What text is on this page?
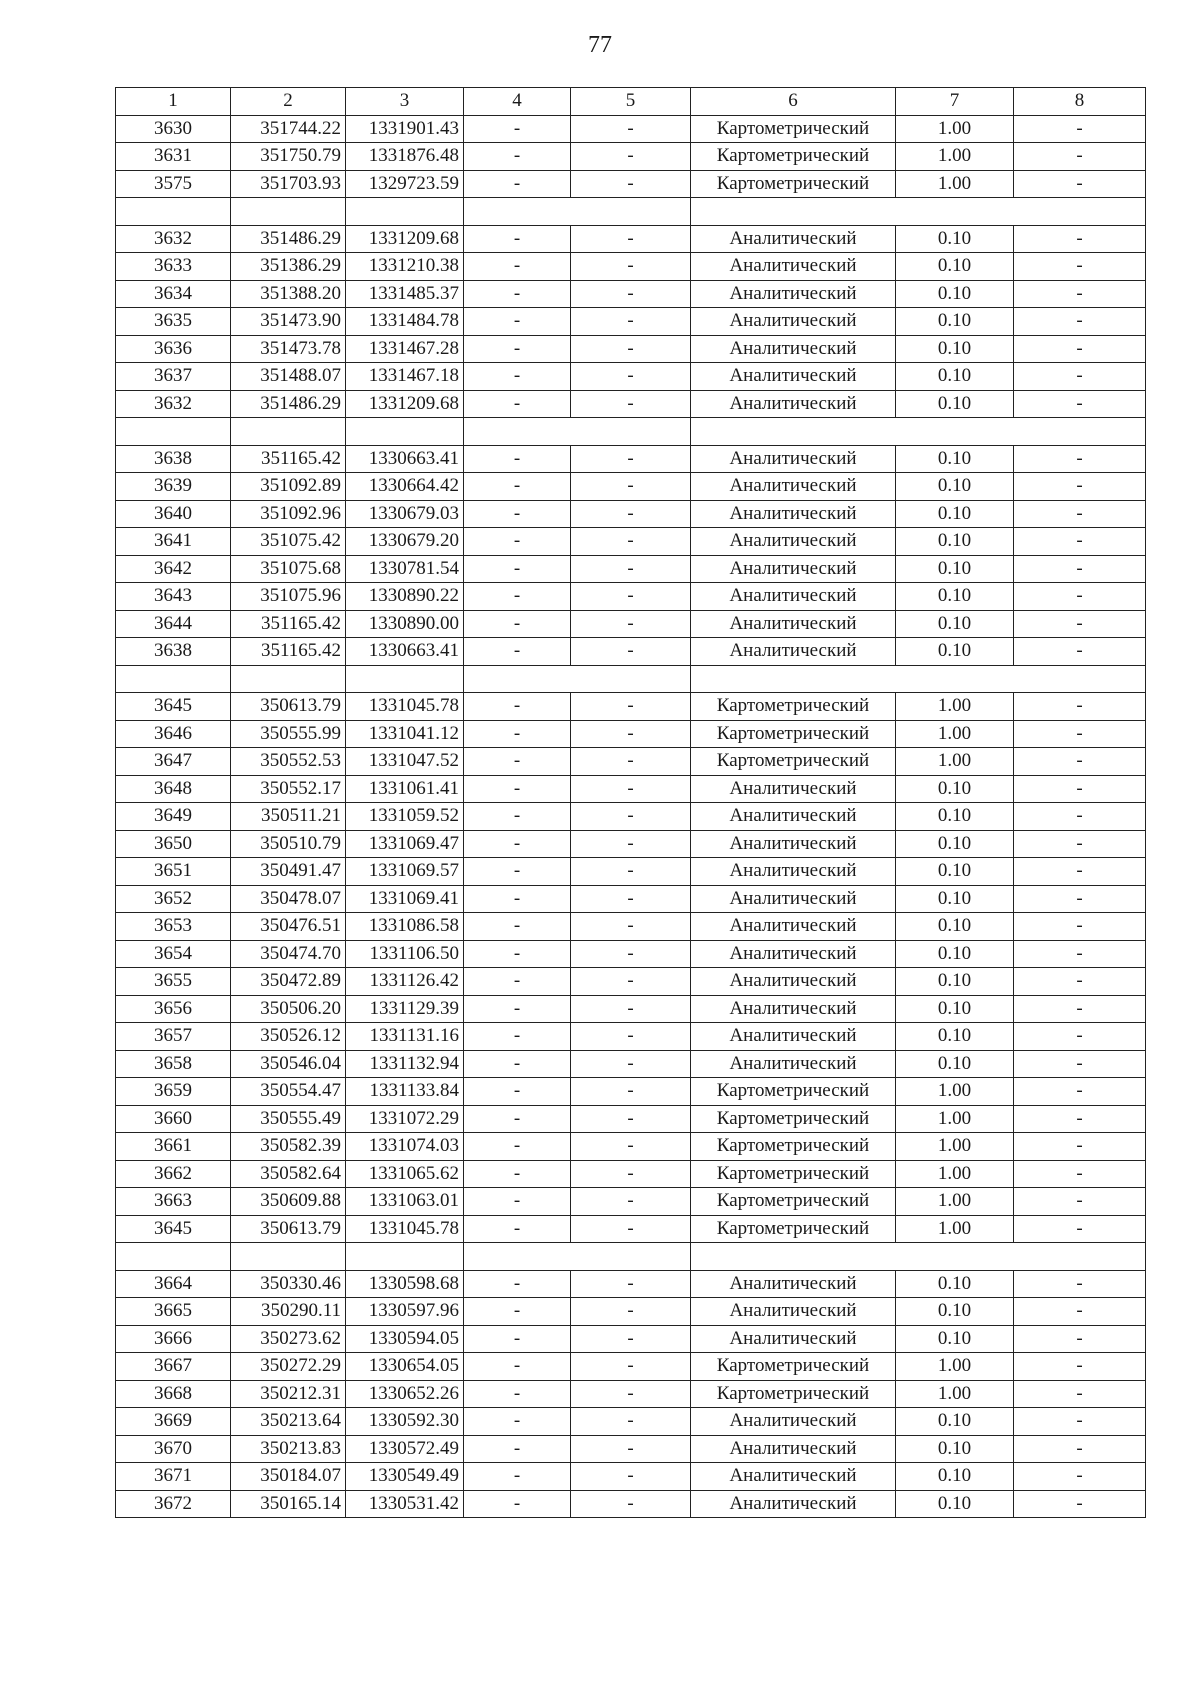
77
1	2	3	4	5	6	7	8
3630	351744.22	1331901.43	-	-	Картометрический	1.00	-
3631	351750.79	1331876.48	-	-	Картометрический	1.00	-
3575	351703.93	1329723.59	-	-	Картометрический	1.00	-

3632	351486.29	1331209.68	-	-	Аналитический	0.10	-
3633	351386.29	1331210.38	-	-	Аналитический	0.10	-
3634	351388.20	1331485.37	-	-	Аналитический	0.10	-
3635	351473.90	1331484.78	-	-	Аналитический	0.10	-
3636	351473.78	1331467.28	-	-	Аналитический	0.10	-
3637	351488.07	1331467.18	-	-	Аналитический	0.10	-
3632	351486.29	1331209.68	-	-	Аналитический	0.10	-

3638	351165.42	1330663.41	-	-	Аналитический	0.10	-
3639	351092.89	1330664.42	-	-	Аналитический	0.10	-
3640	351092.96	1330679.03	-	-	Аналитический	0.10	-
3641	351075.42	1330679.20	-	-	Аналитический	0.10	-
3642	351075.68	1330781.54	-	-	Аналитический	0.10	-
3643	351075.96	1330890.22	-	-	Аналитический	0.10	-
3644	351165.42	1330890.00	-	-	Аналитический	0.10	-
3638	351165.42	1330663.41	-	-	Аналитический	0.10	-

3645	350613.79	1331045.78	-	-	Картометрический	1.00	-
3646	350555.99	1331041.12	-	-	Картометрический	1.00	-
3647	350552.53	1331047.52	-	-	Картометрический	1.00	-
3648	350552.17	1331061.41	-	-	Аналитический	0.10	-
3649	350511.21	1331059.52	-	-	Аналитический	0.10	-
3650	350510.79	1331069.47	-	-	Аналитический	0.10	-
3651	350491.47	1331069.57	-	-	Аналитический	0.10	-
3652	350478.07	1331069.41	-	-	Аналитический	0.10	-
3653	350476.51	1331086.58	-	-	Аналитический	0.10	-
3654	350474.70	1331106.50	-	-	Аналитический	0.10	-
3655	350472.89	1331126.42	-	-	Аналитический	0.10	-
3656	350506.20	1331129.39	-	-	Аналитический	0.10	-
3657	350526.12	1331131.16	-	-	Аналитический	0.10	-
3658	350546.04	1331132.94	-	-	Аналитический	0.10	-
3659	350554.47	1331133.84	-	-	Картометрический	1.00	-
3660	350555.49	1331072.29	-	-	Картометрический	1.00	-
3661	350582.39	1331074.03	-	-	Картометрический	1.00	-
3662	350582.64	1331065.62	-	-	Картометрический	1.00	-
3663	350609.88	1331063.01	-	-	Картометрический	1.00	-
3645	350613.79	1331045.78	-	-	Картометрический	1.00	-

3664	350330.46	1330598.68	-	-	Аналитический	0.10	-
3665	350290.11	1330597.96	-	-	Аналитический	0.10	-
3666	350273.62	1330594.05	-	-	Аналитический	0.10	-
3667	350272.29	1330654.05	-	-	Картометрический	1.00	-
3668	350212.31	1330652.26	-	-	Картометрический	1.00	-
3669	350213.64	1330592.30	-	-	Аналитический	0.10	-
3670	350213.83	1330572.49	-	-	Аналитический	0.10	-
3671	350184.07	1330549.49	-	-	Аналитический	0.10	-
3672	350165.14	1330531.42	-	-	Аналитический	0.10	-
